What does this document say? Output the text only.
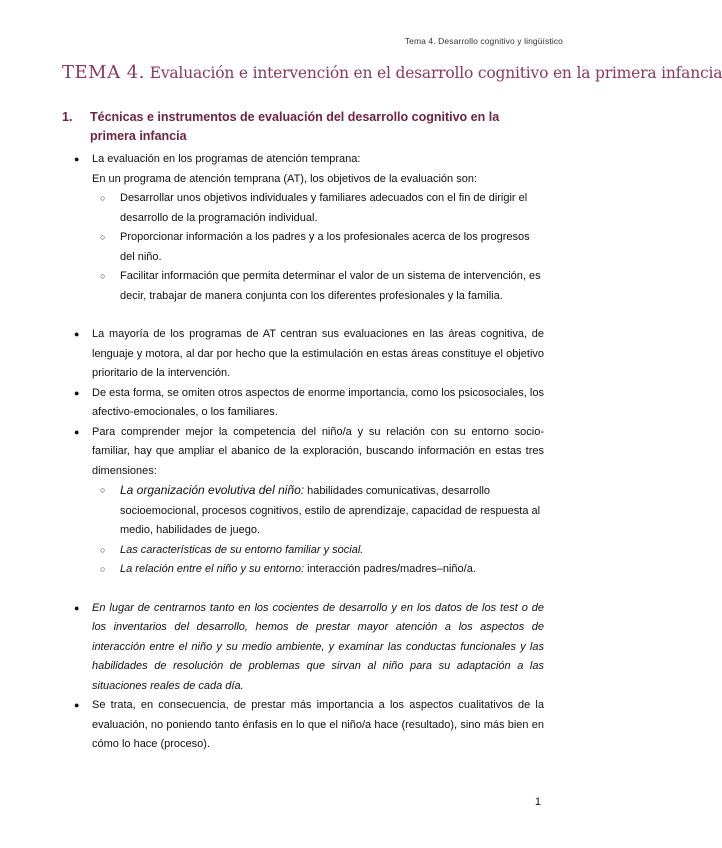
Tema 4. Desarrollo cognitivo y lingüístico
TEMA 4. Evaluación e intervención en el desarrollo cognitivo en la primera infancia
1. Técnicas e instrumentos de evaluación del desarrollo cognitivo en la primera infancia
● La evaluación en los programas de atención temprana:
En un programa de atención temprana (AT), los objetivos de la evaluación son:
○ Desarrollar unos objetivos individuales y familiares adecuados con el fin de dirigir el desarrollo de la programación individual.
○ Proporcionar información a los padres y a los profesionales acerca de los progresos del niño.
○ Facilitar información que permita determinar el valor de un sistema de intervención, es decir, trabajar de manera conjunta con los diferentes profesionales y la familia.
● La mayoría de los programas de AT centran sus evaluaciones en las áreas cognitiva, de lenguaje y motora, al dar por hecho que la estimulación en estas áreas constituye el objetivo prioritario de la intervención.
● De esta forma, se omiten otros aspectos de enorme importancia, como los psicosociales, los afectivo-emocionales, o los familiares.
● Para comprender mejor la competencia del niño/a y su relación con su entorno socio-familiar, hay que ampliar el abanico de la exploración, buscando información en estas tres dimensiones:
○ La organización evolutiva del niño: habilidades comunicativas, desarrollo socioemocional, procesos cognitivos, estilo de aprendizaje, capacidad de respuesta al medio, habilidades de juego.
○ Las características de su entorno familiar y social.
○ La relación entre el niño y su entorno: interacción padres/madres–niño/a.
● En lugar de centrarnos tanto en los cocientes de desarrollo y en los datos de los test o de los inventarios del desarrollo, hemos de prestar mayor atención a los aspectos de interacción entre el niño y su medio ambiente, y examinar las conductas funcionales y las habilidades de resolución de problemas que sirvan al niño para su adaptación a las situaciones reales de cada día.
● Se trata, en consecuencia, de prestar más importancia a los aspectos cualitativos de la evaluación, no poniendo tanto énfasis en lo que el niño/a hace (resultado), sino más bien en cómo lo hace (proceso).
1
